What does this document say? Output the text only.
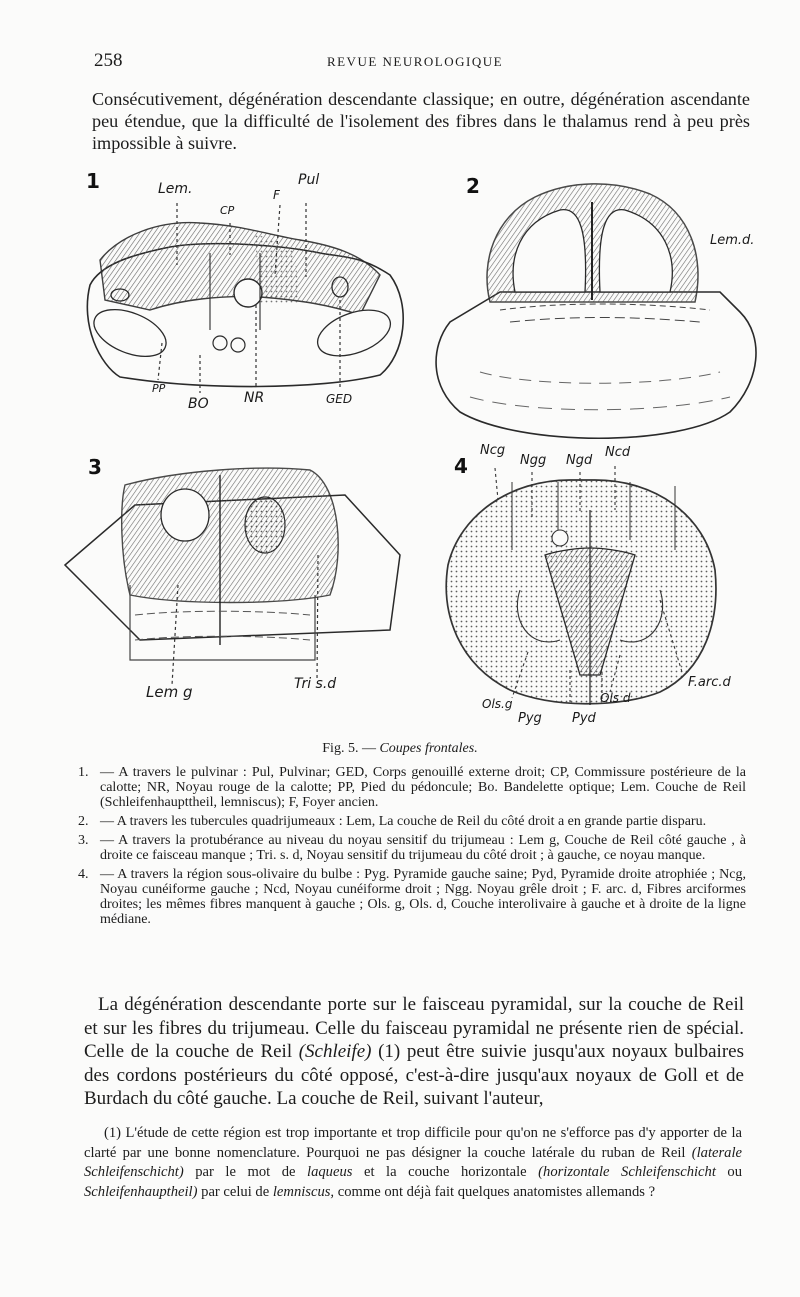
258	REVUE NEUROLOGIQUE

Consécutivement, dégénération descendante classique; en outre, dégénération ascendante peu étendue, que la difficulté de l'isolement des fibres dans le thalamus rend à peu près impossible à suivre.

1	Lem.
CP
F
Pul
PP
BO	NR	GED
2
Lem.d.
3
Lem g	Tri s.d
4
Ncg
Ngg Ngd
Ncd
F.arc.d
Ols.g	Ols d
Pyg Pyd
Fig. 5. — Coupes frontales.
1. — A travers le pulvinar : Pul, Pulvinar; GED, Corps genouillé externe droit; CP, Commissure postérieure de la calotte; NR, Noyau rouge de la calotte; PP, Pied du pédoncule; Bo. Bandelette optique; Lem. Couche de Reil (Schleifenhaupttheil, lemniscus); F, Foyer ancien.
2. — A travers les tubercules quadrijumeaux : Lem, La couche de Reil du côté droit a en grande partie disparu.
3. — A travers la protubérance au niveau du noyau sensitif du trijumeau : Lem g, Couche de Reil côté gauche , à droite ce faisceau manque ; Tri. s. d, Noyau sensitif du trijumeau du côté droit ; à gauche, ce noyau manque.
4. — A travers la région sous-olivaire du bulbe : Pyg. Pyramide gauche saine; Pyd, Pyramide droite atrophiée ; Ncg, Noyau cunéiforme gauche ; Ncd, Noyau cunéiforme droit ; Ngg. Noyau grêle droit ; F. arc. d, Fibres arciformes droites; les mêmes fibres manquent à gauche ; Ols. g, Ols. d, Couche interolivaire à gauche et à droite de la ligne médiane.

La dégénération descendante porte sur le faisceau pyramidal, sur la couche de Reil et sur les fibres du trijumeau. Celle du faisceau pyramidal ne présente rien de spécial. Celle de la couche de Reil (Schleife) (1) peut être suivie jusqu'aux noyaux bulbaires des cordons postérieurs du côté opposé, c'est-à-dire jusqu'aux noyaux de Goll et de Burdach du côté gauche. La couche de Reil, suivant l'auteur,

(1) L'étude de cette région est trop importante et trop difficile pour qu'on ne s'efforce pas d'y apporter de la clarté par une bonne nomenclature. Pourquoi ne pas désigner la couche latérale du ruban de Reil (laterale Schleifenschicht) par le mot de laqueus et la couche horizontale (horizontale Schleifenschicht ou Schleifenhauptheil) par celui de lemniscus, comme ont déjà fait quelques anatomistes allemands ?
